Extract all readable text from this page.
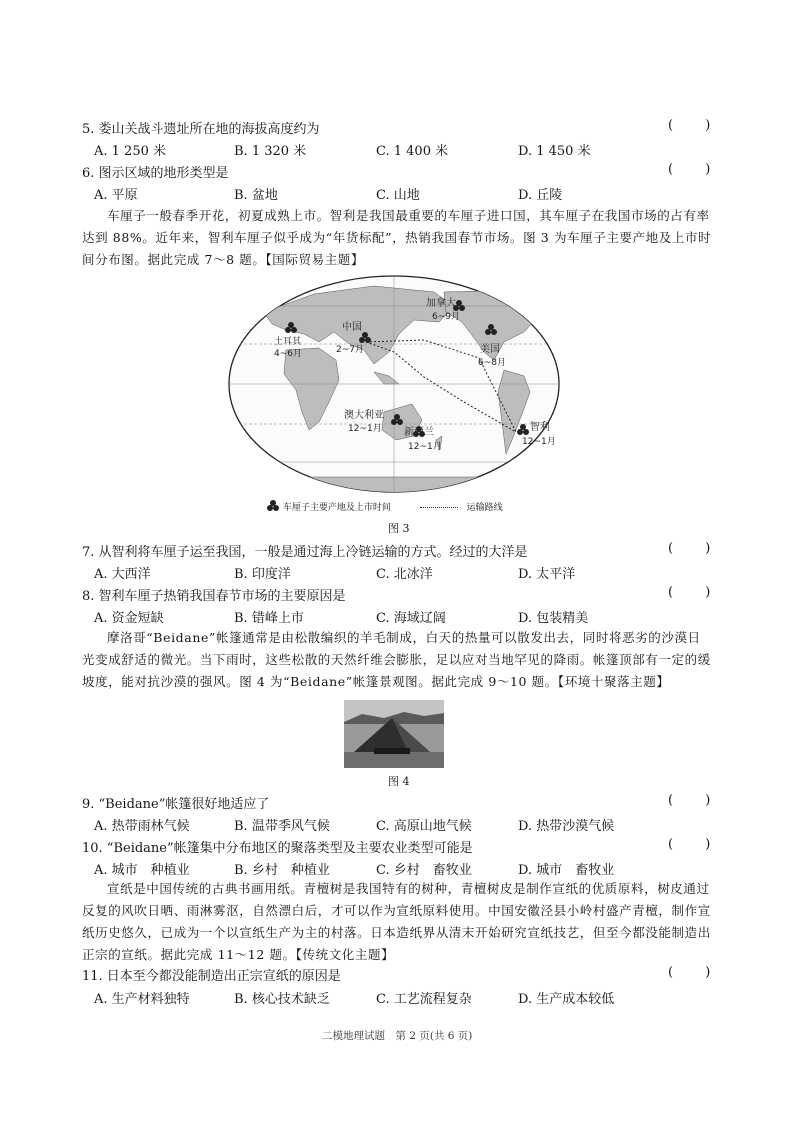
5. 娄山关战斗遗址所在地的海拔高度约为	( )
A. 1 250 米	B. 1 320 米	C. 1 400 米	D. 1 450 米
6. 图示区域的地形类型是	( )
A. 平原	B. 盆地	C. 山地	D. 丘陵

车厘子一般春季开花，初夏成熟上市。智利是我国最重要的车厘子进口国，其车厘子在我国市场的占有率达到 88%。近年来，智利车厘子似乎成为“年货标配”，热销我国春节市场。图 3 为车厘子主要产地及上市时间分布图。据此完成 7～8 题。【国际贸易主题】

土耳其
4~6月
中国
2~7月
加拿大
6~9月
美国
6~8月
澳大利亚
12~1月 新西兰
12~1月
智利
12~1月
车厘子主要产地及上市时间	运输路线
图 3
7. 从智利将车厘子运至我国，一般是通过海上冷链运输的方式。经过的大洋是	( )
A. 大西洋	B. 印度洋	C. 北冰洋	D. 太平洋
8. 智利车厘子热销我国春节市场的主要原因是	( )
A. 资金短缺	B. 错峰上市	C. 海域辽阔	D. 包装精美

摩洛哥“Beidane”帐篷通常是由松散编织的羊毛制成，白天的热量可以散发出去，同时将恶劣的沙漠日光变成舒适的微光。当下雨时，这些松散的天然纤维会膨胀，足以应对当地罕见的降雨。帐篷顶部有一定的缓坡度，能对抗沙漠的强风。图 4 为“Beidane”帐篷景观图。据此完成 9～10 题。【环境十聚落主题】

图 4
9. “Beidane”帐篷很好地适应了	( )
A. 热带雨林气候	B. 温带季风气候	C. 高原山地气候	D. 热带沙漠气候
10. “Beidane”帐篷集中分布地区的聚落类型及主要农业类型可能是	( )
A. 城市　种植业	B. 乡村　种植业	C. 乡村　畜牧业	D. 城市　畜牧业

宣纸是中国传统的古典书画用纸。青檀树是我国特有的树种，青檀树皮是制作宣纸的优质原料，树皮通过反复的风吹日晒、雨淋雾沤，自然漂白后，才可以作为宣纸原料使用。中国安徽泾县小岭村盛产青檀，制作宣纸历史悠久，已成为一个以宣纸生产为主的村落。日本造纸界从清末开始研究宣纸技艺，但至今都没能制造出正宗的宣纸。据此完成 11～12 题。【传统文化主题】

11. 日本至今都没能制造出正宗宣纸的原因是	( )
A. 生产材料独特	B. 核心技术缺乏	C. 工艺流程复杂	D. 生产成本较低
二模地理试题　第 2 页(共 6 页)
